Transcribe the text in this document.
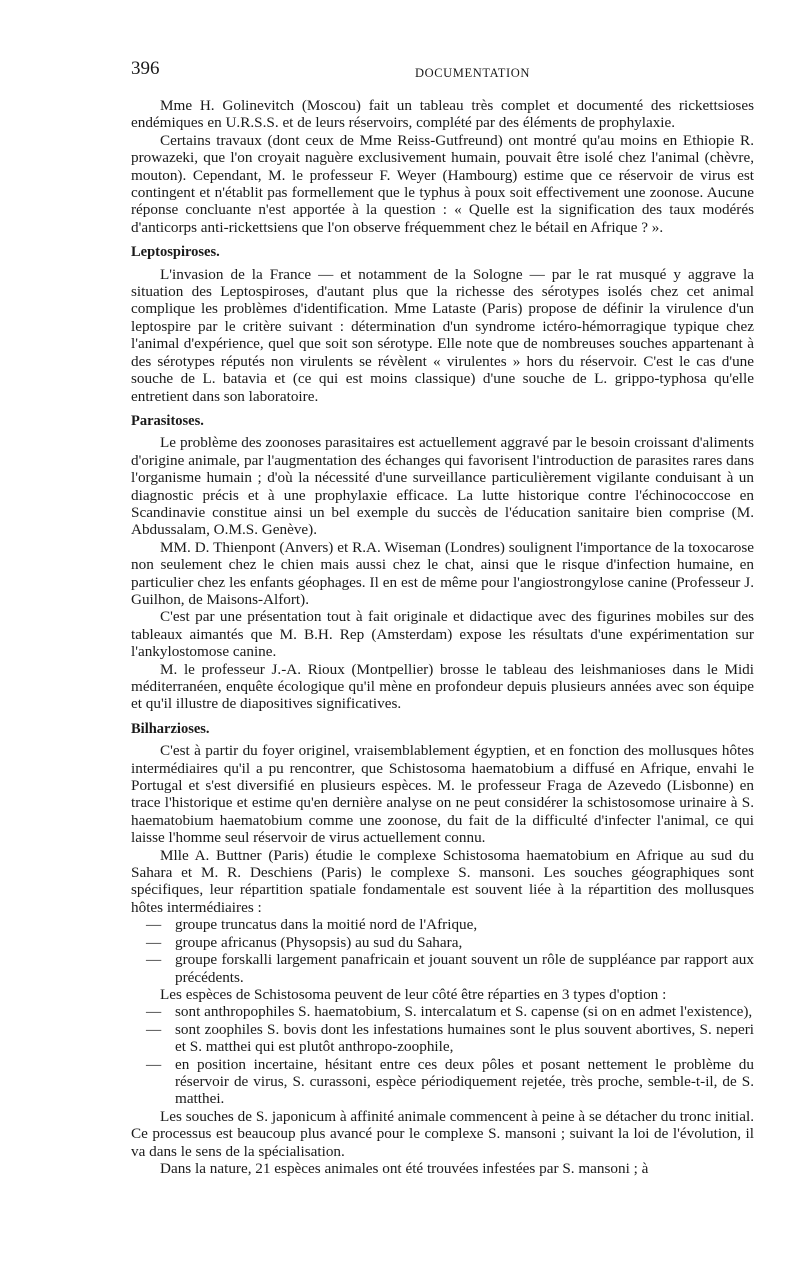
396	DOCUMENTATION

Mme H. Golinevitch (Moscou) fait un tableau très complet et documenté des rickettsioses endémiques en U.R.S.S. et de leurs réservoirs, complété par des éléments de prophylaxie.

Certains travaux (dont ceux de Mme Reiss-Gutfreund) ont montré qu'au moins en Ethiopie R. prowazeki, que l'on croyait naguère exclusivement humain, pouvait être isolé chez l'animal (chèvre, mouton). Cependant, M. le professeur F. Weyer (Hambourg) estime que ce réservoir de virus est contingent et n'établit pas formellement que le typhus à poux soit effectivement une zoonose. Aucune réponse concluante n'est apportée à la question : « Quelle est la signification des taux modérés d'anticorps anti-rickettsiens que l'on observe fréquemment chez le bétail en Afrique ? ».

Leptospiroses.

L'invasion de la France — et notamment de la Sologne — par le rat musqué y aggrave la situation des Leptospiroses, d'autant plus que la richesse des sérotypes isolés chez cet animal complique les problèmes d'identification. Mme Lataste (Paris) propose de définir la virulence d'un leptospire par le critère suivant : détermination d'un syndrome ictéro-hémorragique typique chez l'animal d'expérience, quel que soit son sérotype. Elle note que de nombreuses souches appartenant à des sérotypes réputés non virulents se révèlent « virulentes » hors du réservoir. C'est le cas d'une souche de L. batavia et (ce qui est moins classique) d'une souche de L. grippo-typhosa qu'elle entretient dans son laboratoire.

Parasitoses.

Le problème des zoonoses parasitaires est actuellement aggravé par le besoin croissant d'aliments d'origine animale, par l'augmentation des échanges qui favorisent l'introduction de parasites rares dans l'organisme humain ; d'où la nécessité d'une surveillance particulièrement vigilante conduisant à un diagnostic précis et à une prophylaxie efficace. La lutte historique contre l'échinococcose en Scandinavie constitue ainsi un bel exemple du succès de l'éducation sanitaire bien comprise (M. Abdussalam, O.M.S. Genève).

MM. D. Thienpont (Anvers) et R.A. Wiseman (Londres) soulignent l'importance de la toxocarose non seulement chez le chien mais aussi chez le chat, ainsi que le risque d'infection humaine, en particulier chez les enfants géophages. Il en est de même pour l'angiostrongylose canine (Professeur J. Guilhon, de Maisons-Alfort).

C'est par une présentation tout à fait originale et didactique avec des figurines mobiles sur des tableaux aimantés que M. B.H. Rep (Amsterdam) expose les résultats d'une expérimentation sur l'ankylostomose canine.

M. le professeur J.-A. Rioux (Montpellier) brosse le tableau des leishmanioses dans le Midi méditerranéen, enquête écologique qu'il mène en profondeur depuis plusieurs années avec son équipe et qu'il illustre de diapositives significatives.

Bilharzioses.

C'est à partir du foyer originel, vraisemblablement égyptien, et en fonction des mollusques hôtes intermédiaires qu'il a pu rencontrer, que Schistosoma haematobium a diffusé en Afrique, envahi le Portugal et s'est diversifié en plusieurs espèces. M. le professeur Fraga de Azevedo (Lisbonne) en trace l'historique et estime qu'en dernière analyse on ne peut considérer la schistosomose urinaire à S. haematobium haematobium comme une zoonose, du fait de la difficulté d'infecter l'animal, ce qui laisse l'homme seul réservoir de virus actuellement connu.

Mlle A. Buttner (Paris) étudie le complexe Schistosoma haematobium en Afrique au sud du Sahara et M. R. Deschiens (Paris) le complexe S. mansoni. Les souches géographiques sont spécifiques, leur répartition spatiale fondamentale est souvent liée à la répartition des mollusques hôtes intermédiaires :

— groupe truncatus dans la moitié nord de l'Afrique,
— groupe africanus (Physopsis) au sud du Sahara,
— groupe forskalli largement panafricain et jouant souvent un rôle de suppléance par rapport aux précédents.

Les espèces de Schistosoma peuvent de leur côté être réparties en 3 types d'option :

— sont anthropophiles S. haematobium, S. intercalatum et S. capense (si on en admet l'existence),
— sont zoophiles S. bovis dont les infestations humaines sont le plus souvent abortives, S. neperi et S. matthei qui est plutôt anthropo-zoophile,
— en position incertaine, hésitant entre ces deux pôles et posant nettement le problème du réservoir de virus, S. curassoni, espèce périodiquement rejetée, très proche, semble-t-il, de S. matthei.

Les souches de S. japonicum à affinité animale commencent à peine à se détacher du tronc initial. Ce processus est beaucoup plus avancé pour le complexe S. mansoni ; suivant la loi de l'évolution, il va dans le sens de la spécialisation.

Dans la nature, 21 espèces animales ont été trouvées infestées par S. mansoni ; à
